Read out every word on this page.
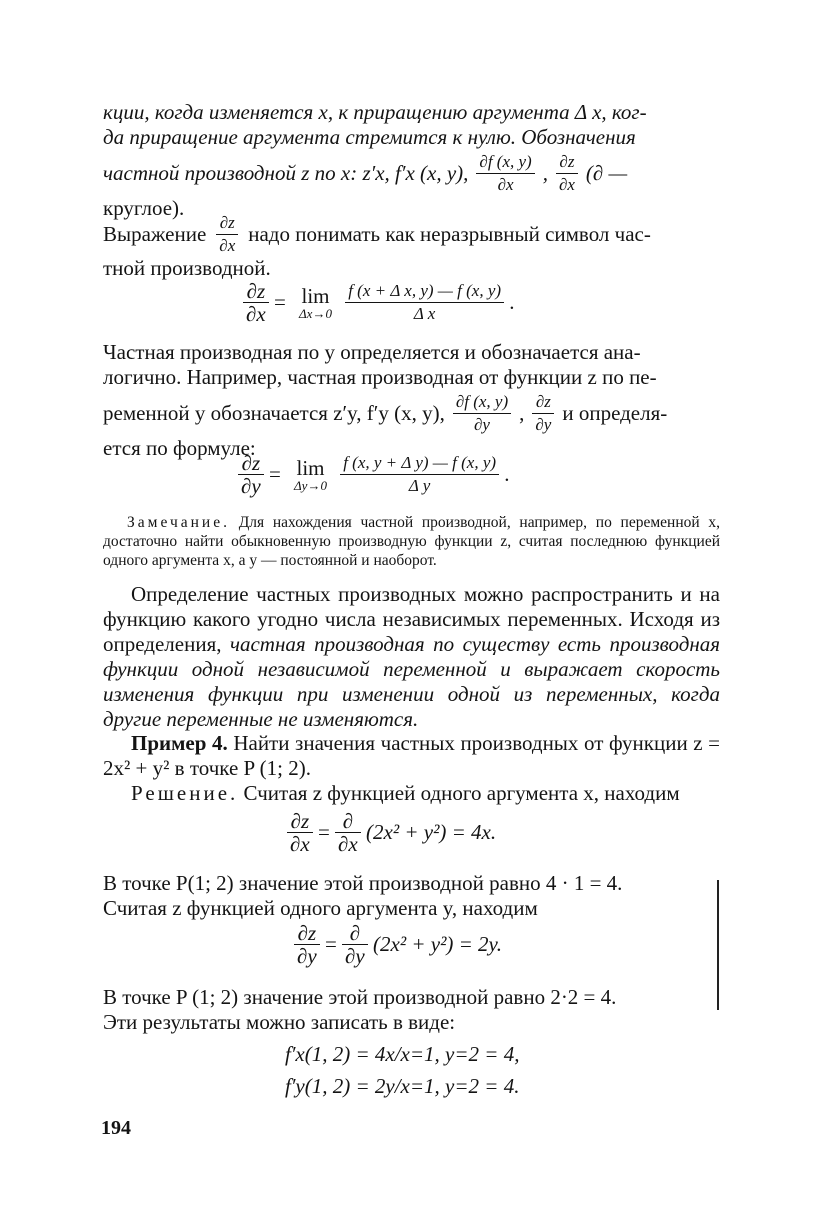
кции, когда изменяется x, к приращению аргумента Δ x, ког-
да приращение аргумента стремится к нулю. Обозначения
частной производной z по x: z′x, f′x (x, y), $\frac{\partial f (x, y)}{\partial x}$ , $\frac{\partial z}{\partial x}$ (∂ —
круглое).
Выражение $\frac{\partial z}{\partial x}$ надо понимать как неразрывный символ час-
тной производной.
$\frac{\partial z}{\partial x} = \lim$
Δx→0
$\frac{\text{f (x + Δ x, y) — f (x, y)}}{\text{Δ x}}$ .
Частная производная по y определяется и обозначается ана-
логично. Например, частная производная от функции z по пе-
ременной y обозначается z′y, f′y (x, y), $\frac{\partial f (x, y)}{\partial y}$ , $\frac{\partial z}{\partial y}$ и определя-
ется по формуле:
$\frac{\partial z}{\partial y} = \lim$
Δy→0
$\frac{\text{f (x, y + Δ y) — f (x, y)}}{\text{Δ y}}$ .
Замечание. Для нахождения частной производной, например, по переменной x, достаточно найти обыкновенную производную функции z, считая последнюю функцией одного аргумента x, а y — постоянной и наоборот.
Определение частных производных можно распространить и на функцию какого угодно числа независимых переменных. Исходя из определения, частная производная по существу есть производная функции одной независимой переменной и выражает скорость изменения функции при изменении одной из переменных, когда другие переменные не изменяются.
Пример 4. Найти значения частных производных от функции z = 2x² + y² в точке P (1; 2).
Решение. Считая z функцией одного аргумента x, находим
$\frac{\partial z}{\partial x} = \frac{\partial}{\partial x} (2x^2 + y^2) = 4x$.
В точке P(1; 2) значение этой производной равно 4 · 1 = 4.
Считая z функцией одного аргумента y, находим
$\frac{\partial z}{\partial y} = \frac{\partial}{\partial y} (2x^2 + y^2) = 2y$.
В точке P (1; 2) значение этой производной равно 2·2 = 4.
Эти результаты можно записать в виде:
f′x(1, 2) = 4x/x=1, y=2 = 4,
f′y(1, 2) = 2y/x=1, y=2 = 4.
194
